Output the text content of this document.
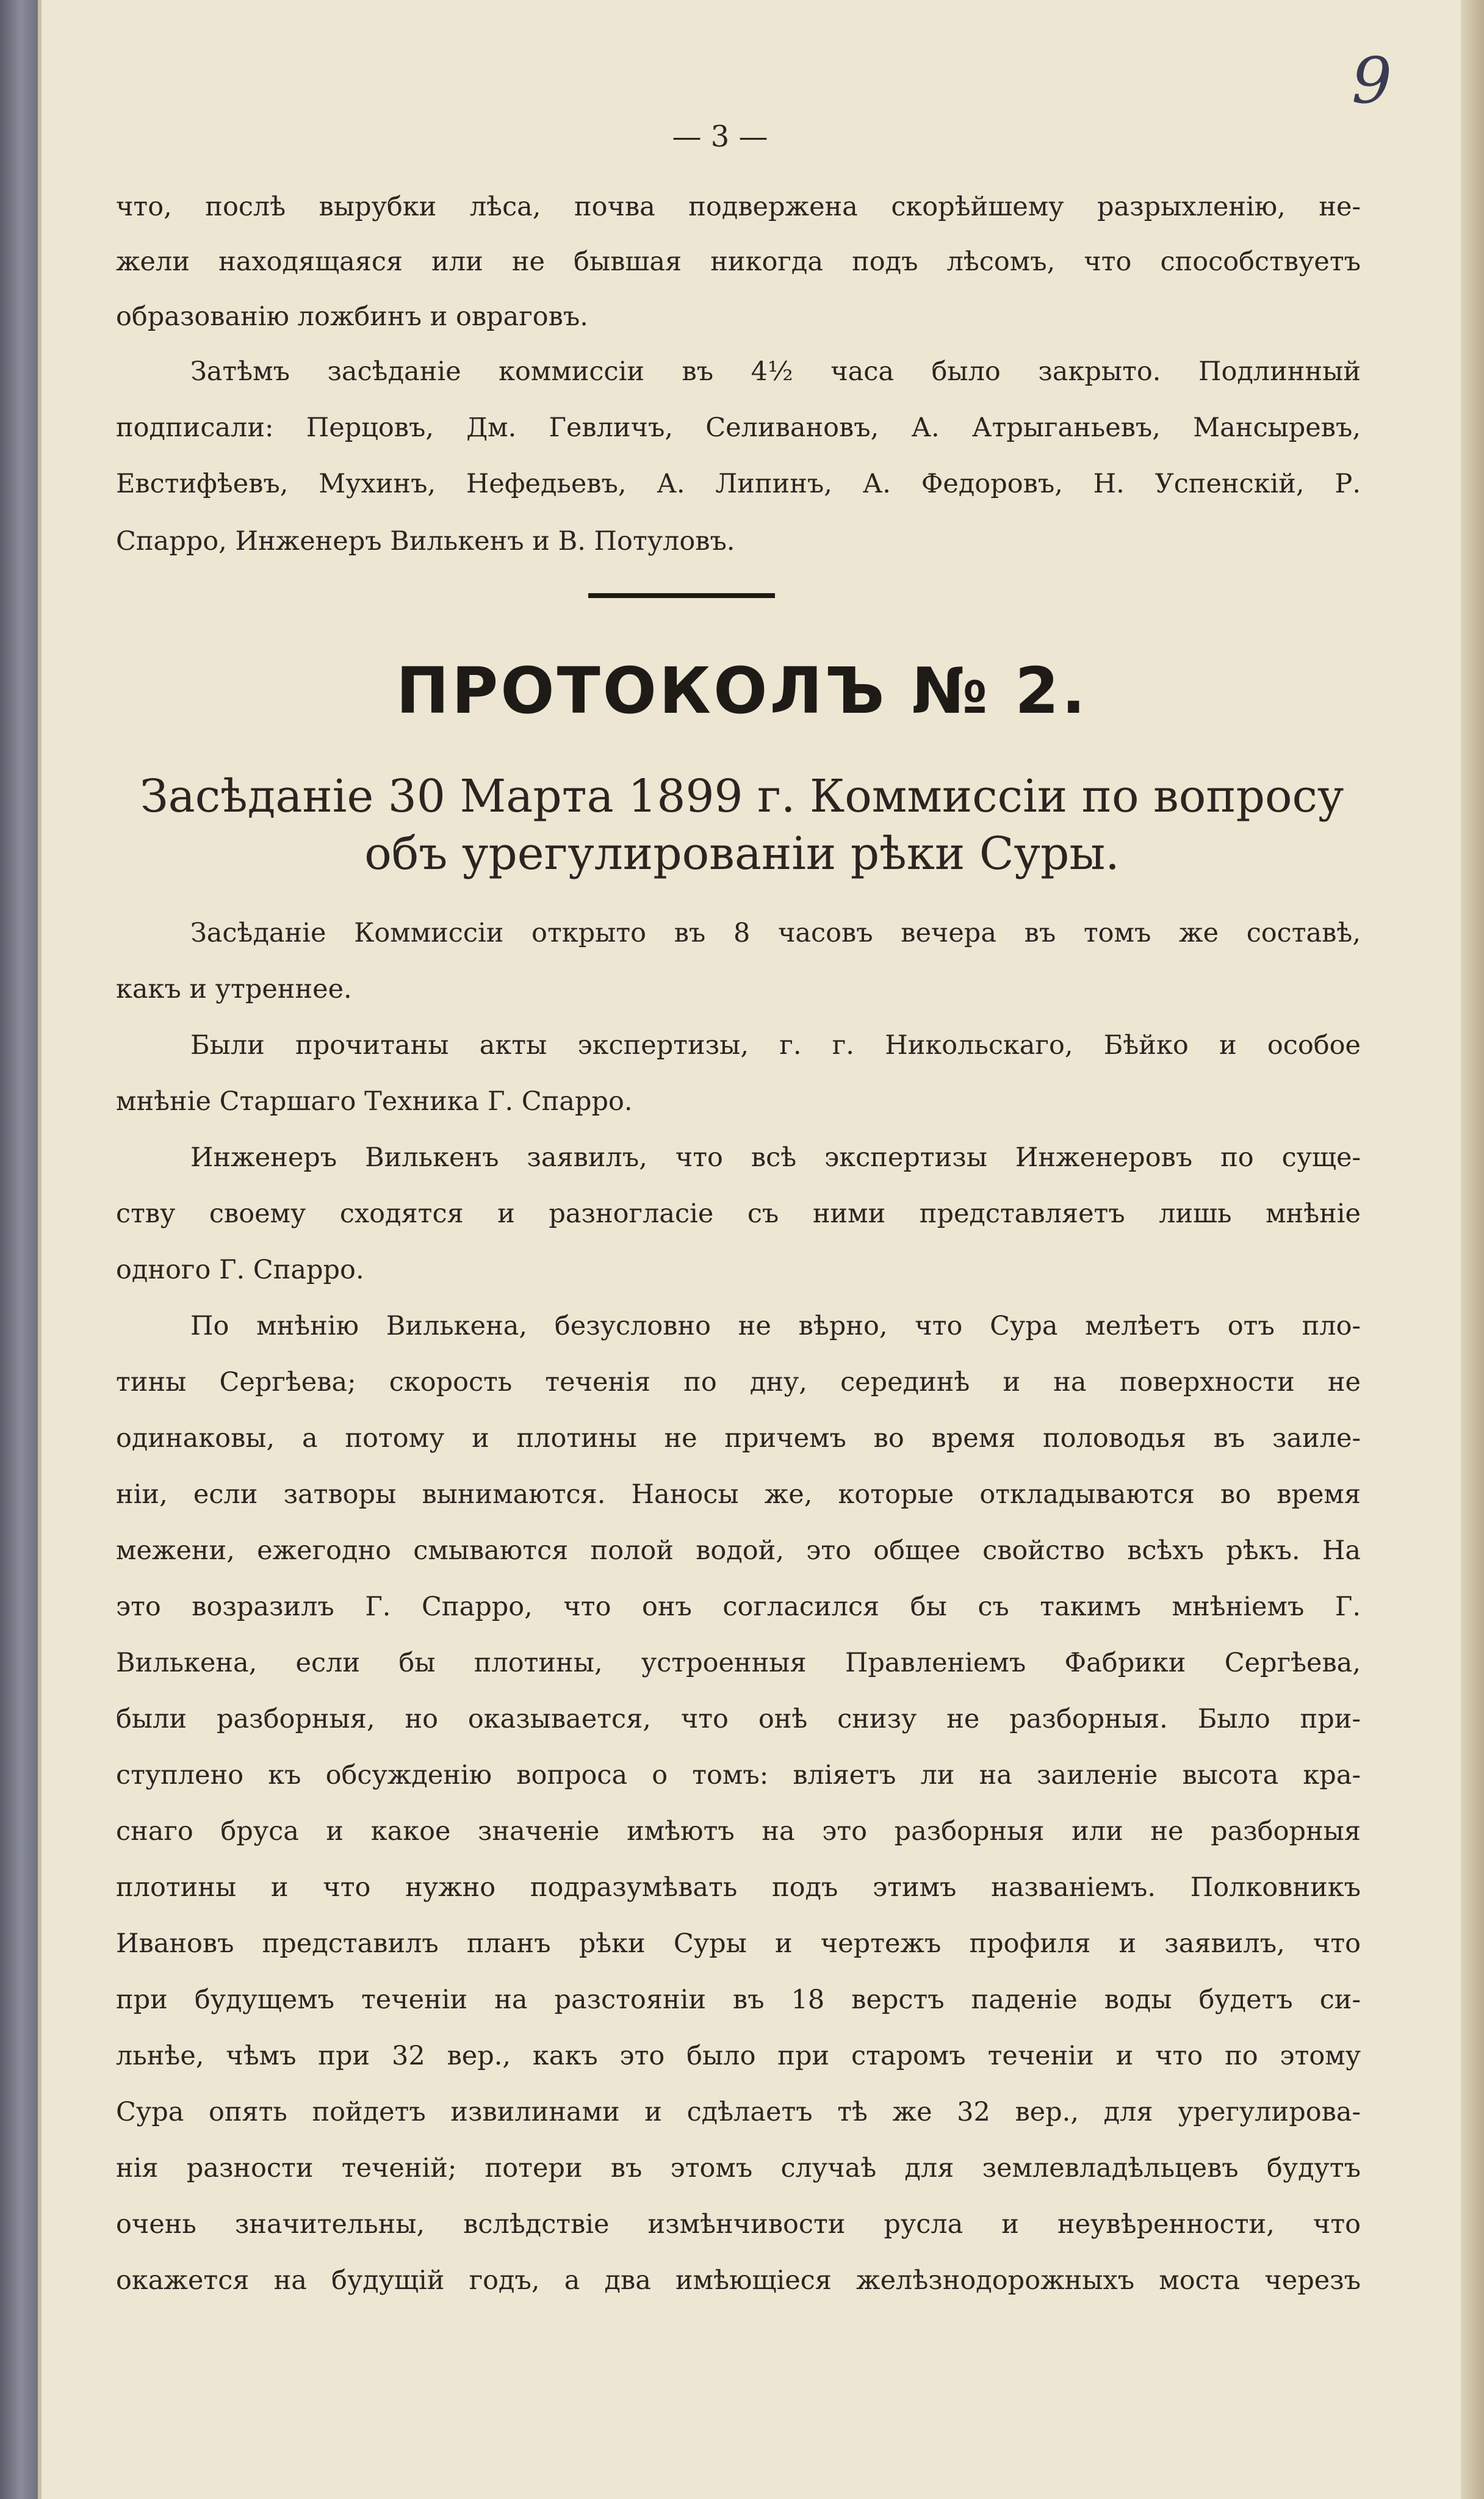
9
— 3 —
что, послѣ вырубки лѣса, почва подвержена скорѣйшему разрыхленію, не-
жели находящаяся или не бывшая никогда подъ лѣсомъ, что способствуетъ
образованію ложбинъ и овраговъ.
Затѣмъ засѣданіе коммиссіи въ 4½ часа было закрыто. Подлинный
подписали: Перцовъ, Дм. Гевличъ, Селивановъ, А. Атрыганьевъ, Мансыревъ,
Евстифѣевъ, Мухинъ, Нефедьевъ, А. Липинъ, А. Федоровъ, Н. Успенскій, Р.
Спарро, Инженеръ Вилькенъ и В. Потуловъ.
ПРОТОКОЛЪ № 2.
Засѣданіе 30 Марта 1899 г. Коммиссіи по вопросу
объ урегулированіи рѣки Суры.
Засѣданіе Коммиссіи открыто въ 8 часовъ вечера въ томъ же составѣ,
какъ и утреннее.
Были прочитаны акты экспертизы, г. г. Никольскаго, Бѣйко и особое
мнѣніе Старшаго Техника Г. Спарро.
Инженеръ Вилькенъ заявилъ, что всѣ экспертизы Инженеровъ по суще-
ству своему сходятся и разногласіе съ ними представляетъ лишь мнѣніе
одного Г. Спарро.
По мнѣнію Вилькена, безусловно не вѣрно, что Сура мелѣетъ отъ пло-
тины Сергѣева; скорость теченія по дну, серединѣ и на поверхности не
одинаковы, а потому и плотины не причемъ во время половодья въ заиле-
ніи, если затворы вынимаются. Наносы же, которые откладываются во время
межени, ежегодно смываются полой водой, это общее свойство всѣхъ рѣкъ. На
это возразилъ Г. Спарро, что онъ согласился бы съ такимъ мнѣніемъ Г.
Вилькена, если бы плотины, устроенныя Правленіемъ Фабрики Сергѣева,
были разборныя, но оказывается, что онѣ снизу не разборныя. Было при-
ступлено къ обсужденію вопроса о томъ: вліяетъ ли на заиленіе высота кра-
снаго бруса и какое значеніе имѣютъ на это разборныя или не разборныя
плотины и что нужно подразумѣвать подъ этимъ названіемъ. Полковникъ
Ивановъ представилъ планъ рѣки Суры и чертежъ профиля и заявилъ, что
при будущемъ теченіи на разстояніи въ 18 верстъ паденіе воды будетъ си-
льнѣе, чѣмъ при 32 вер., какъ это было при старомъ теченіи и что по этому
Сура опять пойдетъ извилинами и сдѣлаетъ тѣ же 32 вер., для урегулирова-
нія разности теченій; потери въ этомъ случаѣ для землевладѣльцевъ будутъ
очень значительны, вслѣдствіе измѣнчивости русла и неувѣренности, что
окажется на будущій годъ, а два имѣющіеся желѣзнодорожныхъ моста черезъ
